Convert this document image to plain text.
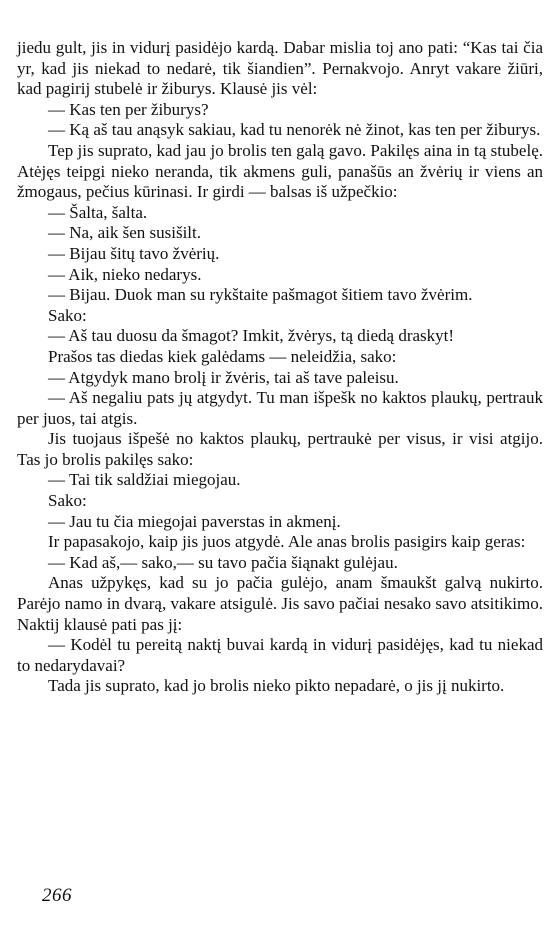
jiedu gult, jis in vidurį pasidėjo kardą. Dabar mislia toj ano pati: “Kas tai čia yr, kad jis niekad to nedarė, tik šiandien”. Pernakvojo. Anryt vakare žiūri, kad pagirij stubelė ir žiburys. Klausė jis vėl:

— Kas ten per žiburys?

— Ką aš tau anąsyk sakiau, kad tu nenorėk nė žinot, kas ten per žiburys.

Tep jis suprato, kad jau jo brolis ten galą gavo. Pakilęs aina in tą stubelę. Atėjęs teipgi nieko neranda, tik akmens guli, panašūs an žvėrių ir viens an žmogaus, pečius kūrinasi. Ir girdi — balsas iš užpečkio:

— Šalta, šalta.

— Na, aik šen susišilt.

— Bijau šitų tavo žvėrių.

— Aik, nieko nedarys.

— Bijau. Duok man su rykštaite pašmagot šitiem tavo žvėrim.

Sako:

— Aš tau duosu da šmagot? Imkit, žvėrys, tą diedą draskyt!

Prašos tas diedas kiek galėdams — neleidžia, sako:

— Atgydyk mano brolį ir žvėris, tai aš tave paleisu.

— Aš negaliu pats jų atgydyt. Tu man išpešk no kaktos plaukų, pertrauk per juos, tai atgis.

Jis tuojaus išpešė no kaktos plaukų, pertraukė per visus, ir visi atgijo. Tas jo brolis pakilęs sako:

— Tai tik saldžiai miegojau.

Sako:

— Jau tu čia miegojai paverstas in akmenį.

Ir papasakojo, kaip jis juos atgydė. Ale anas brolis pasigirs kaip geras:

— Kad aš,— sako,— su tavo pačia šiąnakt gulėjau.

Anas užpykęs, kad su jo pačia gulėjo, anam šmaukšt galvą nukirto. Parėjo namo in dvarą, vakare atsigulė. Jis savo pačiai nesako savo atsitikimo. Naktij klausė pati pas jį:

— Kodėl tu pereitą naktį buvai kardą in vidurį pasidėjęs, kad tu niekad to nedarydavai?

Tada jis suprato, kad jo brolis nieko pikto nepadarė, o jis jį nukirto.

266
